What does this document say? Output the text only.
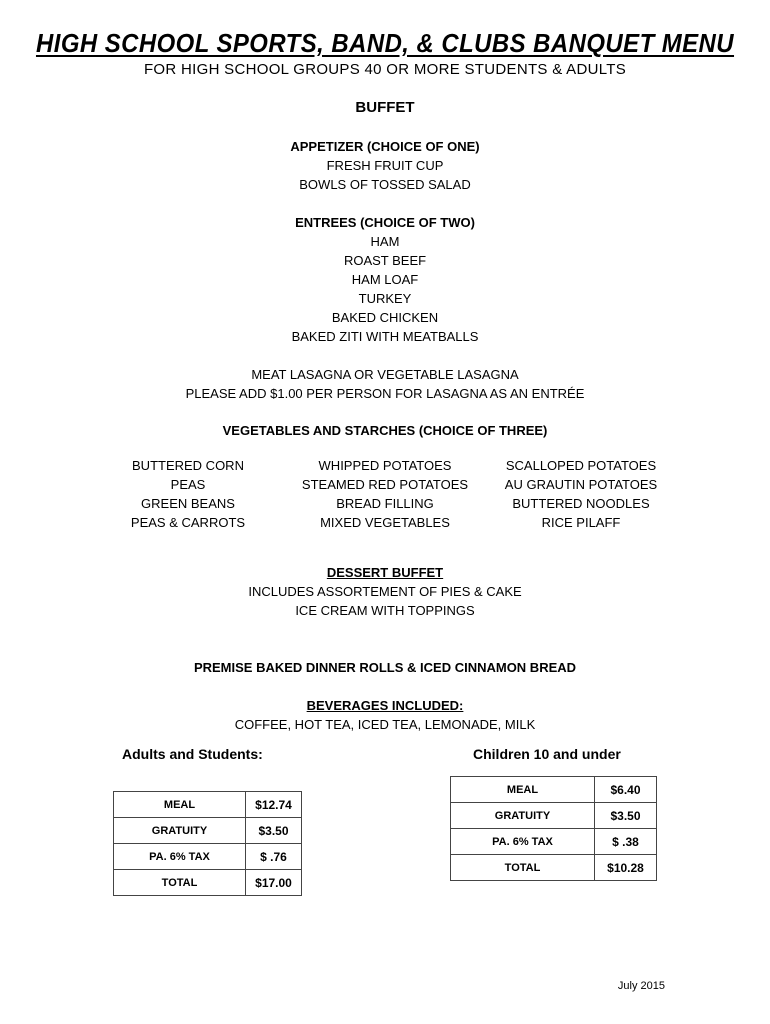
HIGH SCHOOL SPORTS, BAND, & CLUBS BANQUET MENU
FOR HIGH SCHOOL GROUPS 40 OR MORE STUDENTS & ADULTS
BUFFET
APPETIZER (CHOICE OF ONE)
FRESH FRUIT CUP
BOWLS OF TOSSED SALAD
ENTREES (CHOICE OF TWO)
HAM
ROAST BEEF
HAM LOAF
TURKEY
BAKED CHICKEN
BAKED ZITI WITH MEATBALLS
MEAT LASAGNA OR VEGETABLE LASAGNA
PLEASE ADD $1.00 PER PERSON FOR LASAGNA AS AN ENTRÉE
VEGETABLES AND STARCHES (CHOICE OF THREE)
BUTTERED CORN
PEAS
GREEN BEANS
PEAS & CARROTS
WHIPPED POTATOES
STEAMED RED POTATOES
BREAD FILLING
MIXED VEGETABLES
SCALLOPED POTATOES
AU GRAUTIN POTATOES
BUTTERED NOODLES
RICE PILAFF
DESSERT BUFFET
INCLUDES ASSORTEMENT OF PIES & CAKE
ICE CREAM WITH TOPPINGS
PREMISE BAKED DINNER ROLLS & ICED CINNAMON BREAD
BEVERAGES INCLUDED:
COFFEE, HOT TEA, ICED TEA, LEMONADE, MILK
Adults and Students:	Children 10 and under
MEAL	$12.74
GRATUITY	$3.50
PA. 6% TAX	$ .76
TOTAL	$17.00
MEAL	$6.40
GRATUITY	$3.50
PA. 6% TAX	$ .38
TOTAL	$10.28
July 2015
